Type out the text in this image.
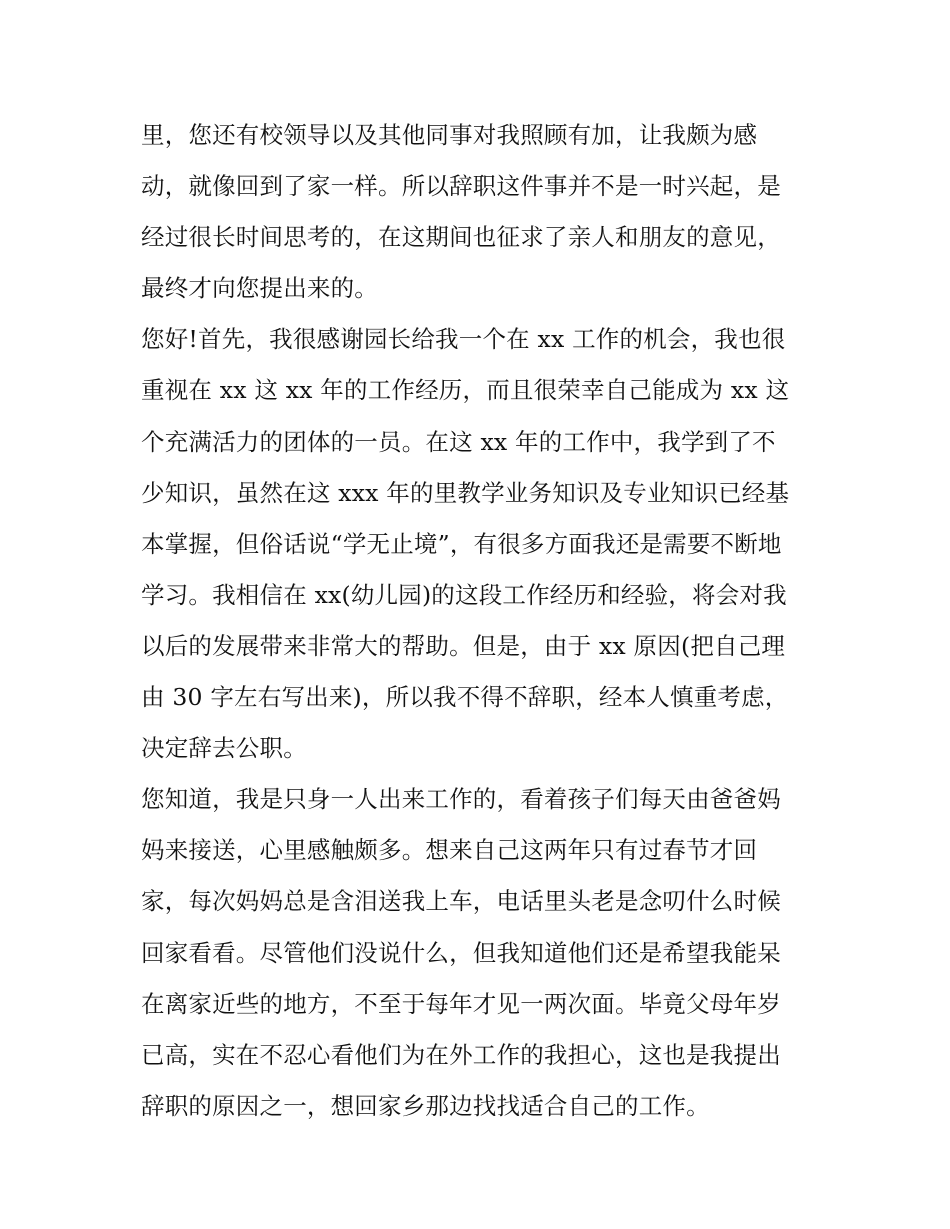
里，您还有校领导以及其他同事对我照顾有加，让我颇为感
动，就像回到了家一样。所以辞职这件事并不是一时兴起，是
经过很长时间思考的，在这期间也征求了亲人和朋友的意见，
最终才向您提出来的。
您好!首先，我很感谢园长给我一个在 xx 工作的机会，我也很
重视在 xx 这 xx 年的工作经历，而且很荣幸自己能成为 xx 这
个充满活力的团体的一员。在这 xx 年的工作中，我学到了不
少知识，虽然在这 xxx 年的里教学业务知识及专业知识已经基
本掌握，但俗话说“学无止境”，有很多方面我还是需要不断地
学习。我相信在 xx(幼儿园)的这段工作经历和经验，将会对我
以后的发展带来非常大的帮助。但是，由于 xx 原因(把自己理
由 30 字左右写出来)，所以我不得不辞职，经本人慎重考虑，
决定辞去公职。
您知道，我是只身一人出来工作的，看着孩子们每天由爸爸妈
妈来接送，心里感触颇多。想来自己这两年只有过春节才回
家，每次妈妈总是含泪送我上车，电话里头老是念叨什么时候
回家看看。尽管他们没说什么，但我知道他们还是希望我能呆
在离家近些的地方，不至于每年才见一两次面。毕竟父母年岁
已高，实在不忍心看他们为在外工作的我担心，这也是我提出
辞职的原因之一，想回家乡那边找找适合自己的工作。
